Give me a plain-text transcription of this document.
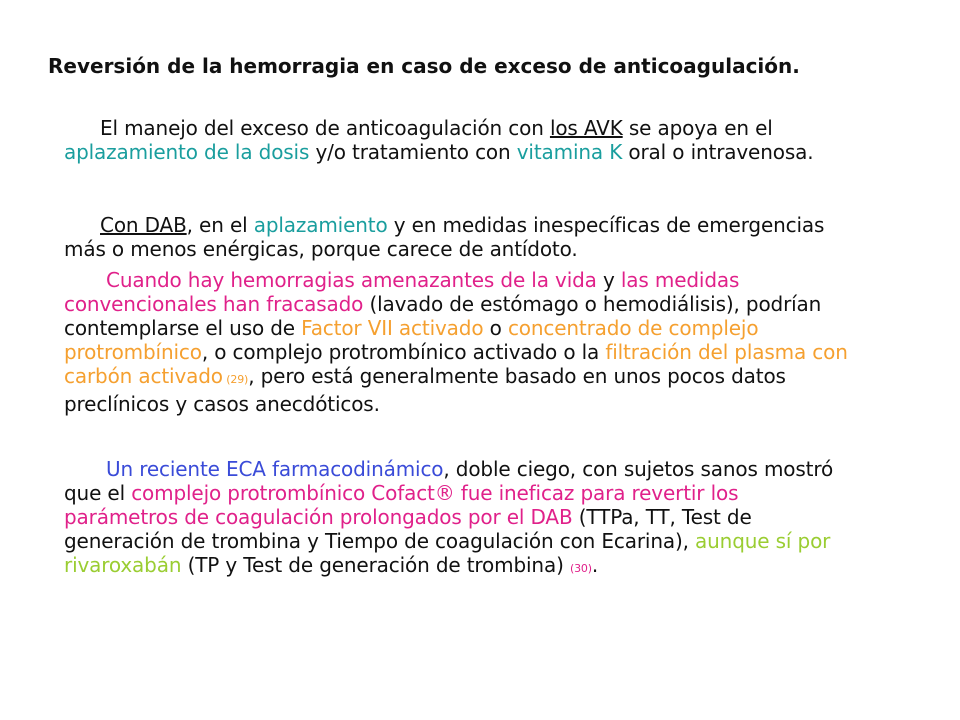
Reversión de la hemorragia en caso de exceso de anticoagulación.

El manejo del exceso de anticoagulación con los AVK se apoya en el aplazamiento de la dosis y/o tratamiento con vitamina K oral o intravenosa.

Con DAB, en el aplazamiento y en medidas inespecíficas de emergencias más o menos enérgicas, porque carece de antídoto.

Cuando hay hemorragias amenazantes de la vida y las medidas convencionales han fracasado (lavado de estómago o hemodiálisis), podrían contemplarse el uso de Factor VII activado o concentrado de complejo protrombínico, o complejo protrombínico activado o la filtración del plasma con carbón activado (29), pero está generalmente basado en unos pocos datos preclínicos y casos anecdóticos.

Un reciente ECA farmacodinámico, doble ciego, con sujetos sanos mostró que el complejo protrombínico Cofact® fue ineficaz para revertir los parámetros de coagulación prolongados por el DAB (TTPa, TT, Test de generación de trombina y Tiempo de coagulación con Ecarina), aunque sí por rivaroxabán (TP y Test de generación de trombina) (30).
